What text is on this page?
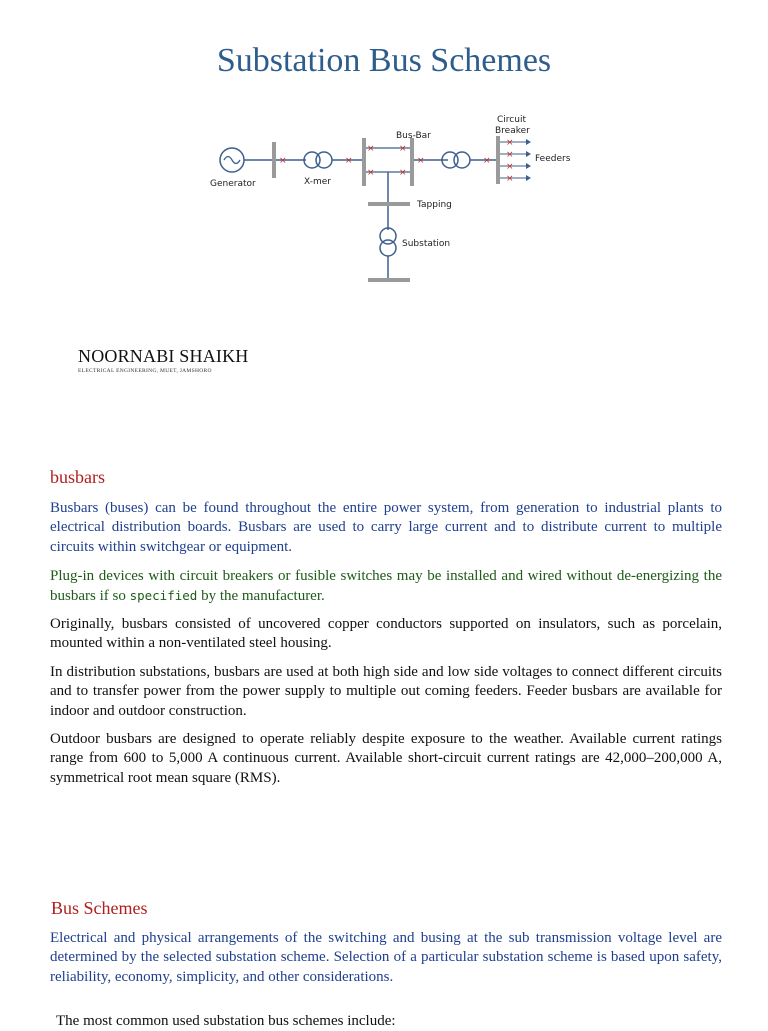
Substation Bus Schemes
×	×
×	×
×	×
×	×
×
×
×
×
Generator	X-mer
Bus-Bar
Circuit
Breaker
Feeders
Tapping
Substation
NOORNABI SHAIKH
ELECTRICAL ENGINEERING, MUET, JAMSHORO
busbars

Busbars (buses) can be found throughout the entire power system, from generation to industrial plants to electrical distribution boards. Busbars are used to carry large current and to distribute current to multiple circuits within switchgear or equipment.

Plug-in devices with circuit breakers or fusible switches may be installed and wired without de-energizing the busbars if so specified by the manufacturer.

Originally, busbars consisted of uncovered copper conductors supported on insulators, such as porcelain, mounted within a non-ventilated steel housing.

In distribution substations, busbars are used at both high side and low side voltages to connect different circuits and to transfer power from the power supply to multiple out coming feeders. Feeder busbars are available for indoor and outdoor construction.

Outdoor busbars are designed to operate reliably despite exposure to the weather. Available current ratings range from 600 to 5,000 A continuous current. Available short-circuit current ratings are 42,000–200,000 A, symmetrical root mean square (RMS).

Bus Schemes

Electrical and physical arrangements of the switching and busing at the sub transmission voltage level are determined by the selected substation scheme. Selection of a particular substation scheme is based upon safety, reliability, economy, simplicity, and other considerations.

The most common used substation bus schemes include:
